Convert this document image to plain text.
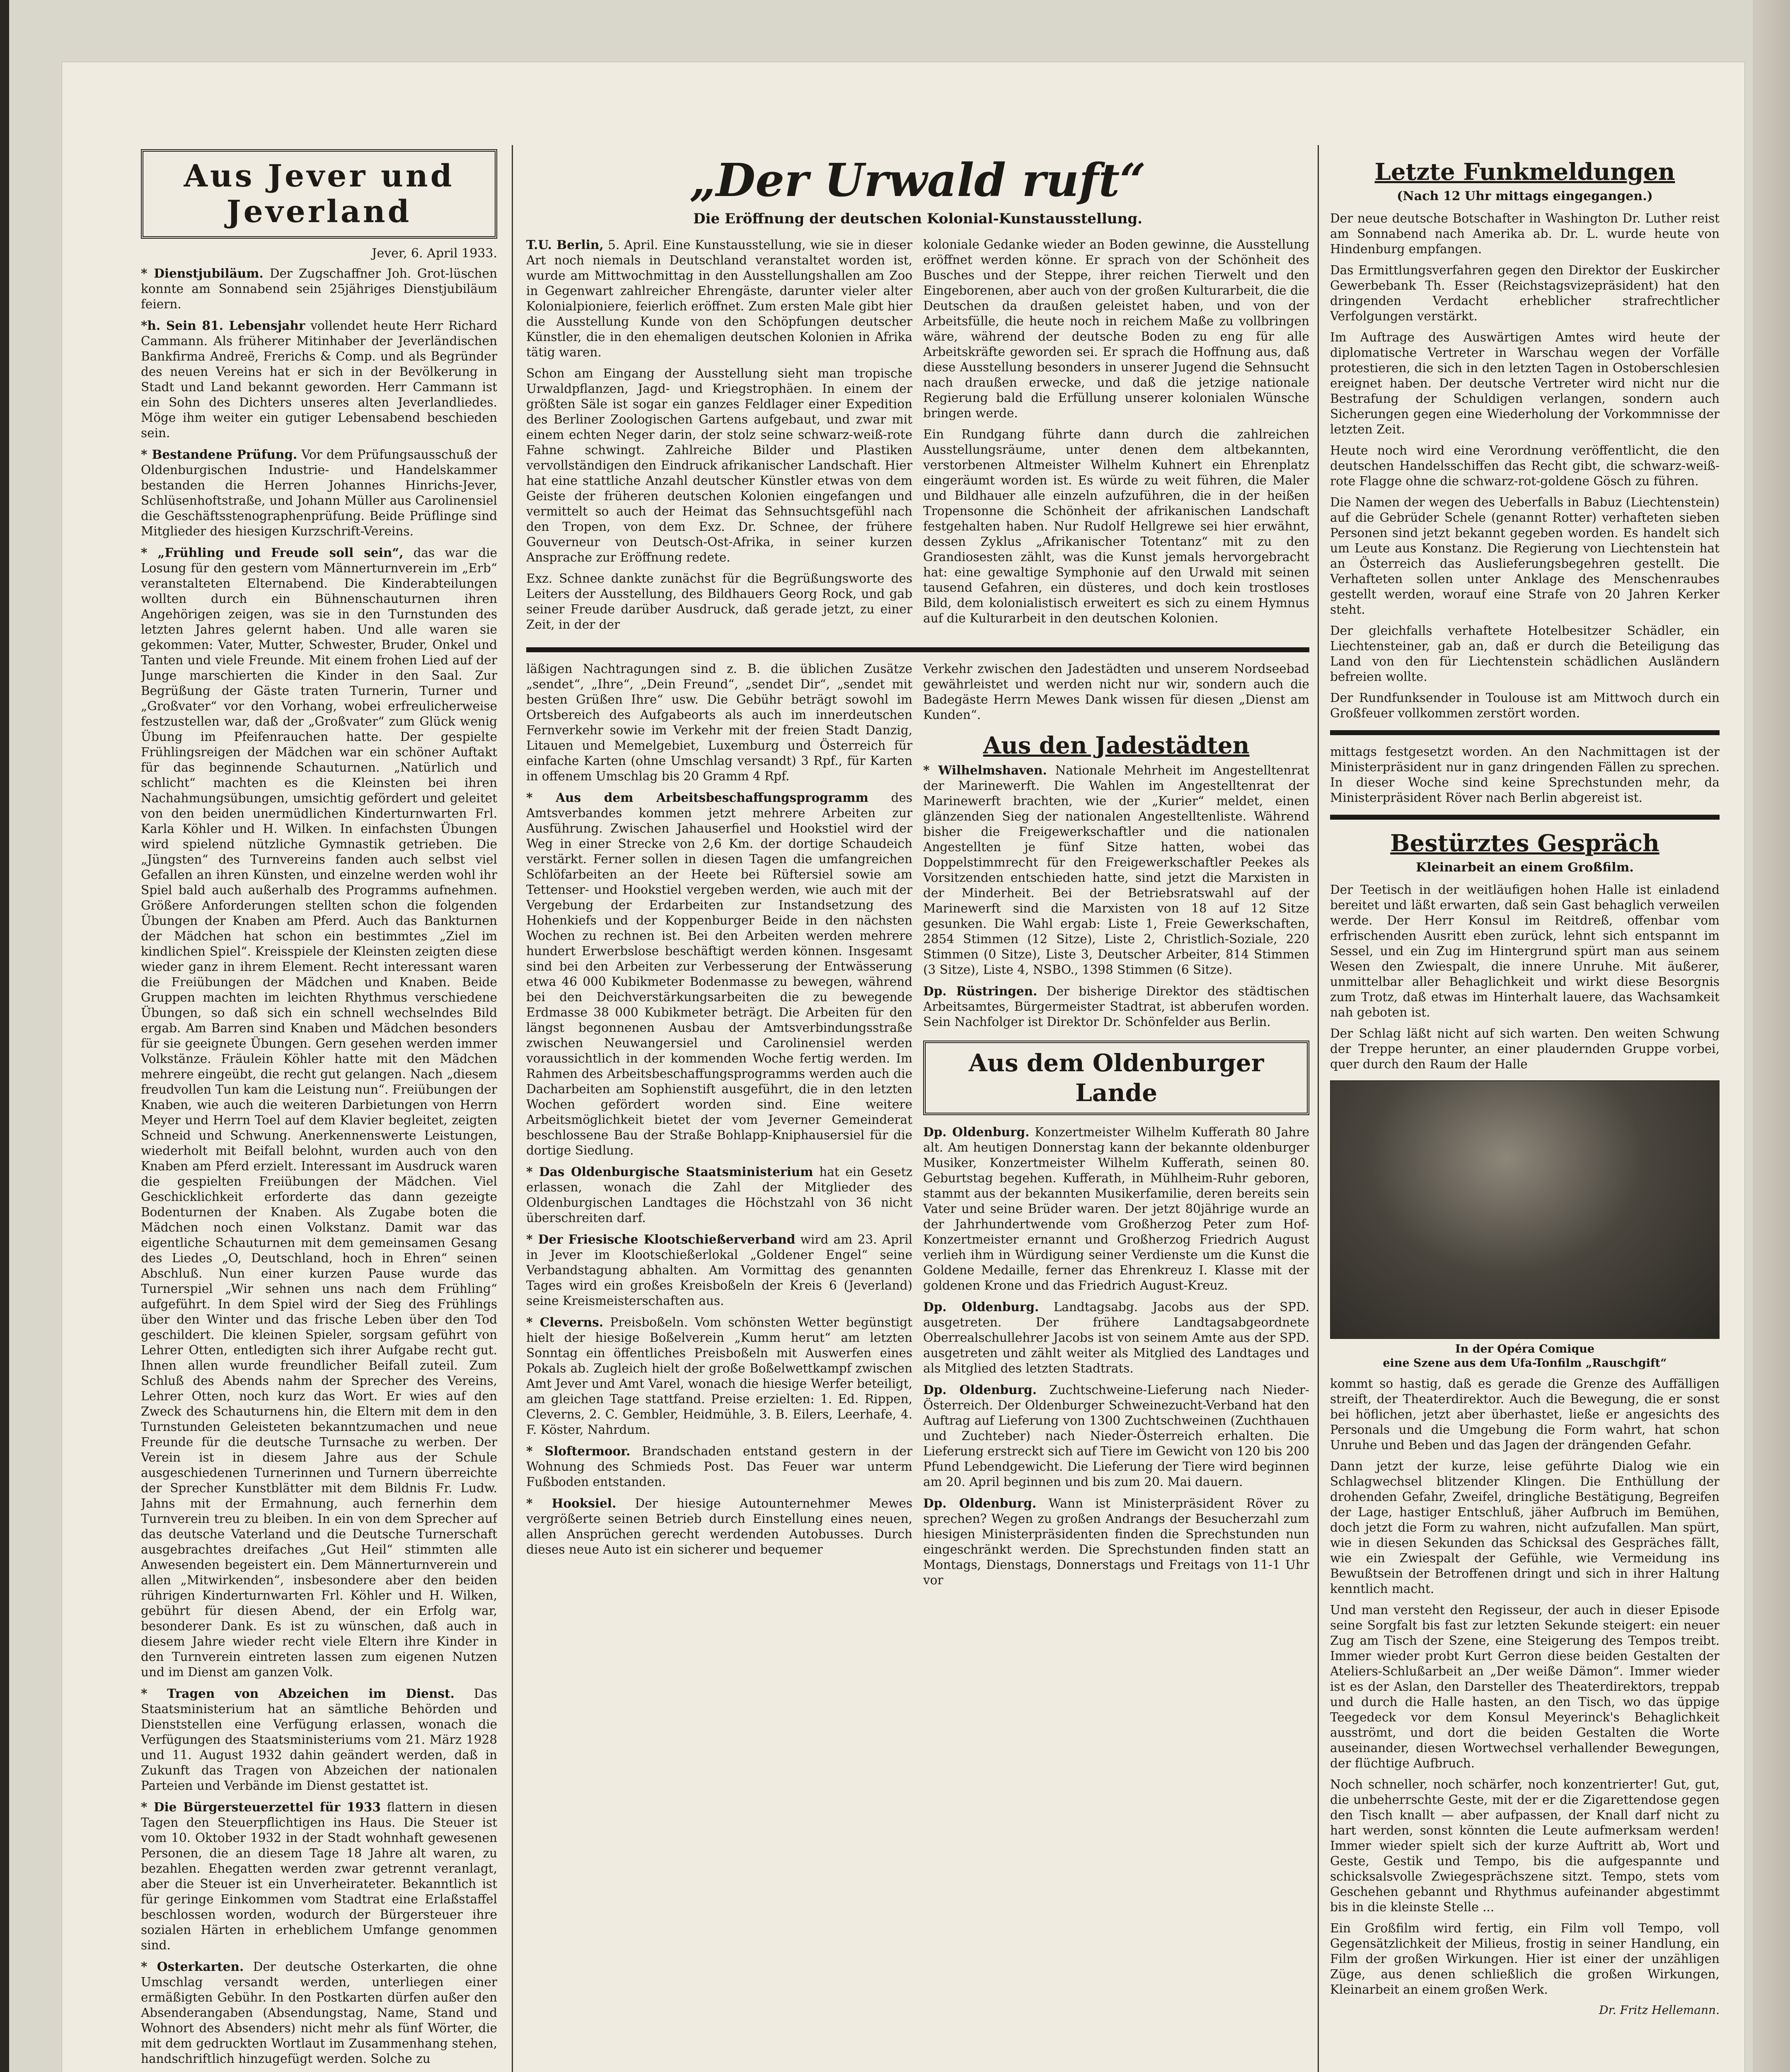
Aus Jever und Jeverland
Jever, 6. April 1933.

* Dienstjubiläum. Der Zugschaffner Joh. Grot-lüschen konnte am Sonnabend sein 25jähriges Dienstjubiläum feiern.

*h. Sein 81. Lebensjahr vollendet heute Herr Richard Cammann. Als früherer Mitinhaber der Jeverländischen Bankfirma Andreë, Frerichs & Comp. und als Begründer des neuen Vereins hat er sich in der Bevölkerung in Stadt und Land bekannt geworden. Herr Cammann ist ein Sohn des Dichters unseres alten Jeverlandliedes. Möge ihm weiter ein gutiger Lebensabend beschieden sein.

* Bestandene Prüfung. Vor dem Prüfungsausschuß der Oldenburgischen Industrie- und Handelskammer bestanden die Herren Johannes Hinrichs-Jever, Schlüsenhoftstraße, und Johann Müller aus Carolinensiel die Geschäftsstenographenprüfung. Beide Prüflinge sind Mitglieder des hiesigen Kurzschrift-Vereins.

* „Frühling und Freude soll sein“, das war die Losung für den gestern vom Männerturnverein im „Erb“ veranstalteten Elternabend. Die Kinderabteilungen wollten durch ein Bühnenschauturnen ihren Angehörigen zeigen, was sie in den Turnstunden des letzten Jahres gelernt haben. Und alle waren sie gekommen: Vater, Mutter, Schwester, Bruder, Onkel und Tanten und viele Freunde. Mit einem frohen Lied auf der Junge marschierten die Kinder in den Saal. Zur Begrüßung der Gäste traten Turnerin, Turner und „Großvater“ vor den Vorhang, wobei erfreulicherweise festzustellen war, daß der „Großvater“ zum Glück wenig Übung im Pfeifenrauchen hatte. Der gespielte Frühlingsreigen der Mädchen war ein schöner Auftakt für das beginnende Schauturnen. „Natürlich und schlicht“ machten es die Kleinsten bei ihren Nachahmungsübungen, umsichtig gefördert und geleitet von den beiden unermüdlichen Kinderturnwarten Frl. Karla Köhler und H. Wilken. In einfachsten Übungen wird spielend nützliche Gymnastik getrieben. Die „Jüngsten“ des Turnvereins fanden auch selbst viel Gefallen an ihren Künsten, und einzelne werden wohl ihr Spiel bald auch außerhalb des Programms aufnehmen. Größere Anforderungen stellten schon die folgenden Übungen der Knaben am Pferd. Auch das Bankturnen der Mädchen hat schon ein bestimmtes „Ziel im kindlichen Spiel“. Kreisspiele der Kleinsten zeigten diese wieder ganz in ihrem Element. Recht interessant waren die Freiübungen der Mädchen und Knaben. Beide Gruppen machten im leichten Rhythmus verschiedene Übungen, so daß sich ein schnell wechselndes Bild ergab. Am Barren sind Knaben und Mädchen besonders für sie geeignete Übungen. Gern gesehen werden immer Volkstänze. Fräulein Köhler hatte mit den Mädchen mehrere eingeübt, die recht gut gelangen. Nach „diesem freudvollen Tun kam die Leistung nun“. Freiübungen der Knaben, wie auch die weiteren Darbietungen von Herrn Meyer und Herrn Toel auf dem Klavier begleitet, zeigten Schneid und Schwung. Anerkennenswerte Leistungen, wiederholt mit Beifall belohnt, wurden auch von den Knaben am Pferd erzielt. Interessant im Ausdruck waren die gespielten Freiübungen der Mädchen. Viel Geschicklichkeit erforderte das dann gezeigte Bodenturnen der Knaben. Als Zugabe boten die Mädchen noch einen Volkstanz. Damit war das eigentliche Schauturnen mit dem gemeinsamen Gesang des Liedes „O, Deutschland, hoch in Ehren“ seinen Abschluß. Nun einer kurzen Pause wurde das Turnerspiel „Wir sehnen uns nach dem Frühling“ aufgeführt. In dem Spiel wird der Sieg des Frühlings über den Winter und das frische Leben über den Tod geschildert. Die kleinen Spieler, sorgsam geführt von Lehrer Otten, entledigten sich ihrer Aufgabe recht gut. Ihnen allen wurde freundlicher Beifall zuteil. Zum Schluß des Abends nahm der Sprecher des Vereins, Lehrer Otten, noch kurz das Wort. Er wies auf den Zweck des Schauturnens hin, die Eltern mit dem in den Turnstunden Geleisteten bekanntzumachen und neue Freunde für die deutsche Turnsache zu werben. Der Verein ist in diesem Jahre aus der Schule ausgeschiedenen Turnerinnen und Turnern überreichte der Sprecher Kunstblätter mit dem Bildnis Fr. Ludw. Jahns mit der Ermahnung, auch fernerhin dem Turnverein treu zu bleiben. In ein von dem Sprecher auf das deutsche Vaterland und die Deutsche Turnerschaft ausgebrachtes dreifaches „Gut Heil“ stimmten alle Anwesenden begeistert ein. Dem Männerturnverein und allen „Mitwirkenden“, insbesondere aber den beiden rührigen Kinderturnwarten Frl. Köhler und H. Wilken, gebührt für diesen Abend, der ein Erfolg war, besonderer Dank. Es ist zu wünschen, daß auch in diesem Jahre wieder recht viele Eltern ihre Kinder in den Turnverein eintreten lassen zum eigenen Nutzen und im Dienst am ganzen Volk.

* Tragen von Abzeichen im Dienst. Das Staatsministerium hat an sämtliche Behörden und Dienststellen eine Verfügung erlassen, wonach die Verfügungen des Staatsministeriums vom 21. März 1928 und 11. August 1932 dahin geändert werden, daß in Zukunft das Tragen von Abzeichen der nationalen Parteien und Verbände im Dienst gestattet ist.

* Die Bürgersteuerzettel für 1933 flattern in diesen Tagen den Steuerpflichtigen ins Haus. Die Steuer ist vom 10. Oktober 1932 in der Stadt wohnhaft gewesenen Personen, die an diesem Tage 18 Jahre alt waren, zu bezahlen. Ehegatten werden zwar getrennt veranlagt, aber die Steuer ist ein Unverheirateter. Bekanntlich ist für geringe Einkommen vom Stadtrat eine Erlaßstaffel beschlossen worden, wodurch der Bürgersteuer ihre sozialen Härten in erheblichem Umfange genommen sind.

* Osterkarten. Der deutsche Osterkarten, die ohne Umschlag versandt werden, unterliegen einer ermäßigten Gebühr. In den Postkarten dürfen außer den Absenderangaben (Absendungstag, Name, Stand und Wohnort des Absenders) nicht mehr als fünf Wörter, die mit dem gedruckten Wortlaut im Zusammenhang stehen, handschriftlich hinzugefügt werden. Solche zu

„Der Urwald ruft“
Die Eröffnung der deutschen Kolonial-Kunstausstellung.

T.U. Berlin, 5. April. Eine Kunstausstellung, wie sie in dieser Art noch niemals in Deutschland veranstaltet worden ist, wurde am Mittwochmittag in den Ausstellungshallen am Zoo in Gegenwart zahlreicher Ehrengäste, darunter vieler alter Kolonialpioniere, feierlich eröffnet. Zum ersten Male gibt hier die Ausstellung Kunde von den Schöpfungen deutscher Künstler, die in den ehemaligen deutschen Kolonien in Afrika tätig waren.

Schon am Eingang der Ausstellung sieht man tropische Urwaldpflanzen, Jagd- und Kriegstrophäen. In einem der größten Säle ist sogar ein ganzes Feldlager einer Expedition des Berliner Zoologischen Gartens aufgebaut, und zwar mit einem echten Neger darin, der stolz seine schwarz-weiß-rote Fahne schwingt. Zahlreiche Bilder und Plastiken vervollständigen den Eindruck afrikanischer Landschaft. Hier hat eine stattliche Anzahl deutscher Künstler etwas von dem Geiste der früheren deutschen Kolonien eingefangen und vermittelt so auch der Heimat das Sehnsuchtsgefühl nach den Tropen, von dem Exz. Dr. Schnee, der frühere Gouverneur von Deutsch-Ost-Afrika, in seiner kurzen Ansprache zur Eröffnung redete.

Exz. Schnee dankte zunächst für die Begrüßungsworte des Leiters der Ausstellung, des Bildhauers Georg Rock, und gab seiner Freude darüber Ausdruck, daß gerade jetzt, zu einer Zeit, in der der

koloniale Gedanke wieder an Boden gewinne, die Ausstellung eröffnet werden könne. Er sprach von der Schönheit des Busches und der Steppe, ihrer reichen Tierwelt und den Eingeborenen, aber auch von der großen Kulturarbeit, die die Deutschen da draußen geleistet haben, und von der Arbeitsfülle, die heute noch in reichem Maße zu vollbringen wäre, während der deutsche Boden zu eng für alle Arbeitskräfte geworden sei. Er sprach die Hoffnung aus, daß diese Ausstellung besonders in unserer Jugend die Sehnsucht nach draußen erwecke, und daß die jetzige nationale Regierung bald die Erfüllung unserer kolonialen Wünsche bringen werde.

Ein Rundgang führte dann durch die zahlreichen Ausstellungsräume, unter denen dem altbekannten, verstorbenen Altmeister Wilhelm Kuhnert ein Ehrenplatz eingeräumt worden ist. Es würde zu weit führen, die Maler und Bildhauer alle einzeln aufzuführen, die in der heißen Tropensonne die Schönheit der afrikanischen Landschaft festgehalten haben. Nur Rudolf Hellgrewe sei hier erwähnt, dessen Zyklus „Afrikanischer Totentanz“ mit zu den Grandiosesten zählt, was die Kunst jemals hervorgebracht hat: eine gewaltige Symphonie auf den Urwald mit seinen tausend Gefahren, ein düsteres, und doch kein trostloses Bild, dem kolonialistisch erweitert es sich zu einem Hymnus auf die Kulturarbeit in den deutschen Kolonien.

läßigen Nachtragungen sind z. B. die üblichen Zusätze „sendet“, „Ihre“, „Dein Freund“, „sendet Dir“, „sendet mit besten Grüßen Ihre“ usw. Die Gebühr beträgt sowohl im Ortsbereich des Aufgabeorts als auch im innerdeutschen Fernverkehr sowie im Verkehr mit der freien Stadt Danzig, Litauen und Memelgebiet, Luxemburg und Österreich für einfache Karten (ohne Umschlag versandt) 3 Rpf., für Karten in offenem Umschlag bis 20 Gramm 4 Rpf.

* Aus dem Arbeitsbeschaffungsprogramm des Amtsverbandes kommen jetzt mehrere Arbeiten zur Ausführung. Zwischen Jahauserfiel und Hookstiel wird der Weg in einer Strecke von 2,6 Km. der dortige Schaudeich verstärkt. Ferner sollen in diesen Tagen die umfangreichen Schlöfarbeiten an der Heete bei Rüftersiel sowie am Tettenser- und Hookstiel vergeben werden, wie auch mit der Vergebung der Erdarbeiten zur Instandsetzung des Hohenkiefs und der Koppenburger Beide in den nächsten Wochen zu rechnen ist. Bei den Arbeiten werden mehrere hundert Erwerbslose beschäftigt werden können. Insgesamt sind bei den Arbeiten zur Verbesserung der Entwässerung etwa 46 000 Kubikmeter Bodenmasse zu bewegen, während bei den Deichverstärkungsarbeiten die zu bewegende Erdmasse 38 000 Kubikmeter beträgt. Die Arbeiten für den längst begonnenen Ausbau der Amtsverbindungsstraße zwischen Neuwangersiel und Carolinensiel werden voraussichtlich in der kommenden Woche fertig werden. Im Rahmen des Arbeitsbeschaffungsprogramms werden auch die Dacharbeiten am Sophienstift ausgeführt, die in den letzten Wochen gefördert worden sind. Eine weitere Arbeitsmöglichkeit bietet der vom Jeverner Gemeinderat beschlossene Bau der Straße Bohlapp-Kniphausersiel für die dortige Siedlung.

* Das Oldenburgische Staatsministerium hat ein Gesetz erlassen, wonach die Zahl der Mitglieder des Oldenburgischen Landtages die Höchstzahl von 36 nicht überschreiten darf.

* Der Friesische Klootschießerverband wird am 23. April in Jever im Klootschießerlokal „Goldener Engel“ seine Verbandstagung abhalten. Am Vormittag des genannten Tages wird ein großes Kreisboßeln der Kreis 6 (Jeverland) seine Kreismeisterschaften aus.

* Cleverns. Preisboßeln. Vom schönsten Wetter begünstigt hielt der hiesige Boßelverein „Kumm herut“ am letzten Sonntag ein öffentliches Preisboßeln mit Auswerfen eines Pokals ab. Zugleich hielt der große Boßelwettkampf zwischen Amt Jever und Amt Varel, wonach die hiesige Werfer beteiligt, am gleichen Tage stattfand. Preise erzielten: 1. Ed. Rippen, Cleverns, 2. C. Gembler, Heidmühle, 3. B. Eilers, Leerhafe, 4. F. Köster, Nahrdum.

* Sloftermoor. Brandschaden entstand gestern in der Wohnung des Schmieds Post. Das Feuer war unterm Fußboden entstanden.

* Hooksiel. Der hiesige Autounternehmer Mewes vergrößerte seinen Betrieb durch Einstellung eines neuen, allen Ansprüchen gerecht werdenden Autobusses. Durch dieses neue Auto ist ein sicherer und bequemer

Verkehr zwischen den Jadestädten und unserem Nordseebad gewährleistet und werden nicht nur wir, sondern auch die Badegäste Herrn Mewes Dank wissen für diesen „Dienst am Kunden“.

Aus den Jadestädten

* Wilhelmshaven. Nationale Mehrheit im Angestelltenrat der Marinewerft. Die Wahlen im Angestelltenrat der Marinewerft brachten, wie der „Kurier“ meldet, einen glänzenden Sieg der nationalen Angestelltenliste. Während bisher die Freigewerkschaftler und die nationalen Angestellten je fünf Sitze hatten, wobei das Doppelstimmrecht für den Freigewerkschaftler Peekes als Vorsitzenden entschieden hatte, sind jetzt die Marxisten in der Minderheit. Bei der Betriebsratswahl auf der Marinewerft sind die Marxisten von 18 auf 12 Sitze gesunken. Die Wahl ergab: Liste 1, Freie Gewerkschaften, 2854 Stimmen (12 Sitze), Liste 2, Christlich-Soziale, 220 Stimmen (0 Sitze), Liste 3, Deutscher Arbeiter, 814 Stimmen (3 Sitze), Liste 4, NSBO., 1398 Stimmen (6 Sitze).

Dp. Rüstringen. Der bisherige Direktor des städtischen Arbeitsamtes, Bürgermeister Stadtrat, ist abberufen worden. Sein Nachfolger ist Direktor Dr. Schönfelder aus Berlin.

Aus dem Oldenburger Lande

Dp. Oldenburg. Konzertmeister Wilhelm Kufferath 80 Jahre alt. Am heutigen Donnerstag kann der bekannte oldenburger Musiker, Konzertmeister Wilhelm Kufferath, seinen 80. Geburtstag begehen. Kufferath, in Mühlheim-Ruhr geboren, stammt aus der bekannten Musikerfamilie, deren bereits sein Vater und seine Brüder waren. Der jetzt 80jährige wurde an der Jahrhundertwende vom Großherzog Peter zum Hof-Konzertmeister ernannt und Großherzog Friedrich August verlieh ihm in Würdigung seiner Verdienste um die Kunst die Goldene Medaille, ferner das Ehrenkreuz I. Klasse mit der goldenen Krone und das Friedrich August-Kreuz.

Dp. Oldenburg. Landtagsabg. Jacobs aus der SPD. ausgetreten. Der frühere Landtagsabgeordnete Oberrealschullehrer Jacobs ist von seinem Amte aus der SPD. ausgetreten und zählt weiter als Mitglied des Landtages und als Mitglied des letzten Stadtrats.

Dp. Oldenburg. Zuchtschweine-Lieferung nach Nieder-Österreich. Der Oldenburger Schweinezucht-Verband hat den Auftrag auf Lieferung von 1300 Zuchtschweinen (Zuchthauen und Zuchteber) nach Nieder-Österreich erhalten. Die Lieferung erstreckt sich auf Tiere im Gewicht von 120 bis 200 Pfund Lebendgewicht. Die Lieferung der Tiere wird beginnen am 20. April beginnen und bis zum 20. Mai dauern.

Dp. Oldenburg. Wann ist Ministerpräsident Röver zu sprechen? Wegen zu großen Andrangs der Besucherzahl zum hiesigen Ministerpräsidenten finden die Sprechstunden nun eingeschränkt werden. Die Sprechstunden finden statt an Montags, Dienstags, Donnerstags und Freitags von 11-1 Uhr vor

Letzte Funkmeldungen
(Nach 12 Uhr mittags eingegangen.)

Der neue deutsche Botschafter in Washington Dr. Luther reist am Sonnabend nach Amerika ab. Dr. L. wurde heute von Hindenburg empfangen.

Das Ermittlungsverfahren gegen den Direktor der Euskircher Gewerbebank Th. Esser (Reichstagsvizepräsident) hat den dringenden Verdacht erheblicher strafrechtlicher Verfolgungen verstärkt.

Im Auftrage des Auswärtigen Amtes wird heute der diplomatische Vertreter in Warschau wegen der Vorfälle protestieren, die sich in den letzten Tagen in Ostoberschlesien ereignet haben. Der deutsche Vertreter wird nicht nur die Bestrafung der Schuldigen verlangen, sondern auch Sicherungen gegen eine Wiederholung der Vorkommnisse der letzten Zeit.

Heute noch wird eine Verordnung veröffentlicht, die den deutschen Handelsschiffen das Recht gibt, die schwarz-weiß-rote Flagge ohne die schwarz-rot-goldene Gösch zu führen.

Die Namen der wegen des Ueberfalls in Babuz (Liechtenstein) auf die Gebrüder Schele (genannt Rotter) verhafteten sieben Personen sind jetzt bekannt gegeben worden. Es handelt sich um Leute aus Konstanz. Die Regierung von Liechtenstein hat an Österreich das Auslieferungsbegehren gestellt. Die Verhafteten sollen unter Anklage des Menschenraubes gestellt werden, worauf eine Strafe von 20 Jahren Kerker steht.

Der gleichfalls verhaftete Hotelbesitzer Schädler, ein Liechtensteiner, gab an, daß er durch die Beteiligung das Land von den für Liechtenstein schädlichen Ausländern befreien wollte.

Der Rundfunksender in Toulouse ist am Mittwoch durch ein Großfeuer vollkommen zerstört worden.

mittags festgesetzt worden. An den Nachmittagen ist der Ministerpräsident nur in ganz dringenden Fällen zu sprechen. In dieser Woche sind keine Sprechstunden mehr, da Ministerpräsident Röver nach Berlin abgereist ist.

Bestürztes Gespräch
Kleinarbeit an einem Großfilm.

Der Teetisch in der weitläufigen hohen Halle ist einladend bereitet und läßt erwarten, daß sein Gast behaglich verweilen werde. Der Herr Konsul im Reitdreß, offenbar vom erfrischenden Ausritt eben zurück, lehnt sich entspannt im Sessel, und ein Zug im Hintergrund spürt man aus seinem Wesen den Zwiespalt, die innere Unruhe. Mit äußerer, unmittelbar aller Behaglichkeit und wirkt diese Besorgnis zum Trotz, daß etwas im Hinterhalt lauere, das Wachsamkeit nah geboten ist.

Der Schlag läßt nicht auf sich warten. Den weiten Schwung der Treppe herunter, an einer plaudernden Gruppe vorbei, quer durch den Raum der Halle

In der Opéra Comique
eine Szene aus dem Ufa-Tonfilm „Rauschgift“

kommt so hastig, daß es gerade die Grenze des Auffälligen streift, der Theaterdirektor. Auch die Bewegung, die er sonst bei höflichen, jetzt aber überhastet, ließe er angesichts des Personals und die Umgebung die Form wahrt, hat schon Unruhe und Beben und das Jagen der drängenden Gefahr.

Dann jetzt der kurze, leise geführte Dialog wie ein Schlagwechsel blitzender Klingen. Die Enthüllung der drohenden Gefahr, Zweifel, dringliche Bestätigung, Begreifen der Lage, hastiger Entschluß, jäher Aufbruch im Bemühen, doch jetzt die Form zu wahren, nicht aufzufallen. Man spürt, wie in diesen Sekunden das Schicksal des Gespräches fällt, wie ein Zwiespalt der Gefühle, wie Vermeidung ins Bewußtsein der Betroffenen dringt und sich in ihrer Haltung kenntlich macht.

Und man versteht den Regisseur, der auch in dieser Episode seine Sorgfalt bis fast zur letzten Sekunde steigert: ein neuer Zug am Tisch der Szene, eine Steigerung des Tempos treibt. Immer wieder probt Kurt Gerron diese beiden Gestalten der Ateliers-Schlußarbeit an „Der weiße Dämon“. Immer wieder ist es der Aslan, den Darsteller des Theaterdirektors, treppab und durch die Halle hasten, an den Tisch, wo das üppige Teegedeck vor dem Konsul Meyerinck's Behaglichkeit ausströmt, und dort die beiden Gestalten die Worte auseinander, diesen Wortwechsel verhallender Bewegungen, der flüchtige Aufbruch.

Noch schneller, noch schärfer, noch konzentrierter! Gut, gut, die unbeherrschte Geste, mit der er die Zigarettendose gegen den Tisch knallt — aber aufpassen, der Knall darf nicht zu hart werden, sonst könnten die Leute aufmerksam werden! Immer wieder spielt sich der kurze Auftritt ab, Wort und Geste, Gestik und Tempo, bis die aufgespannte und schicksalsvolle Zwiegesprächszene sitzt. Tempo, stets vom Geschehen gebannt und Rhythmus aufeinander abgestimmt bis in die kleinste Stelle ...

Ein Großfilm wird fertig, ein Film voll Tempo, voll Gegensätzlichkeit der Milieus, frostig in seiner Handlung, ein Film der großen Wirkungen. Hier ist einer der unzähligen Züge, aus denen schließlich die großen Wirkungen, Kleinarbeit an einem großen Werk.

Dr. Fritz Hellemann.
